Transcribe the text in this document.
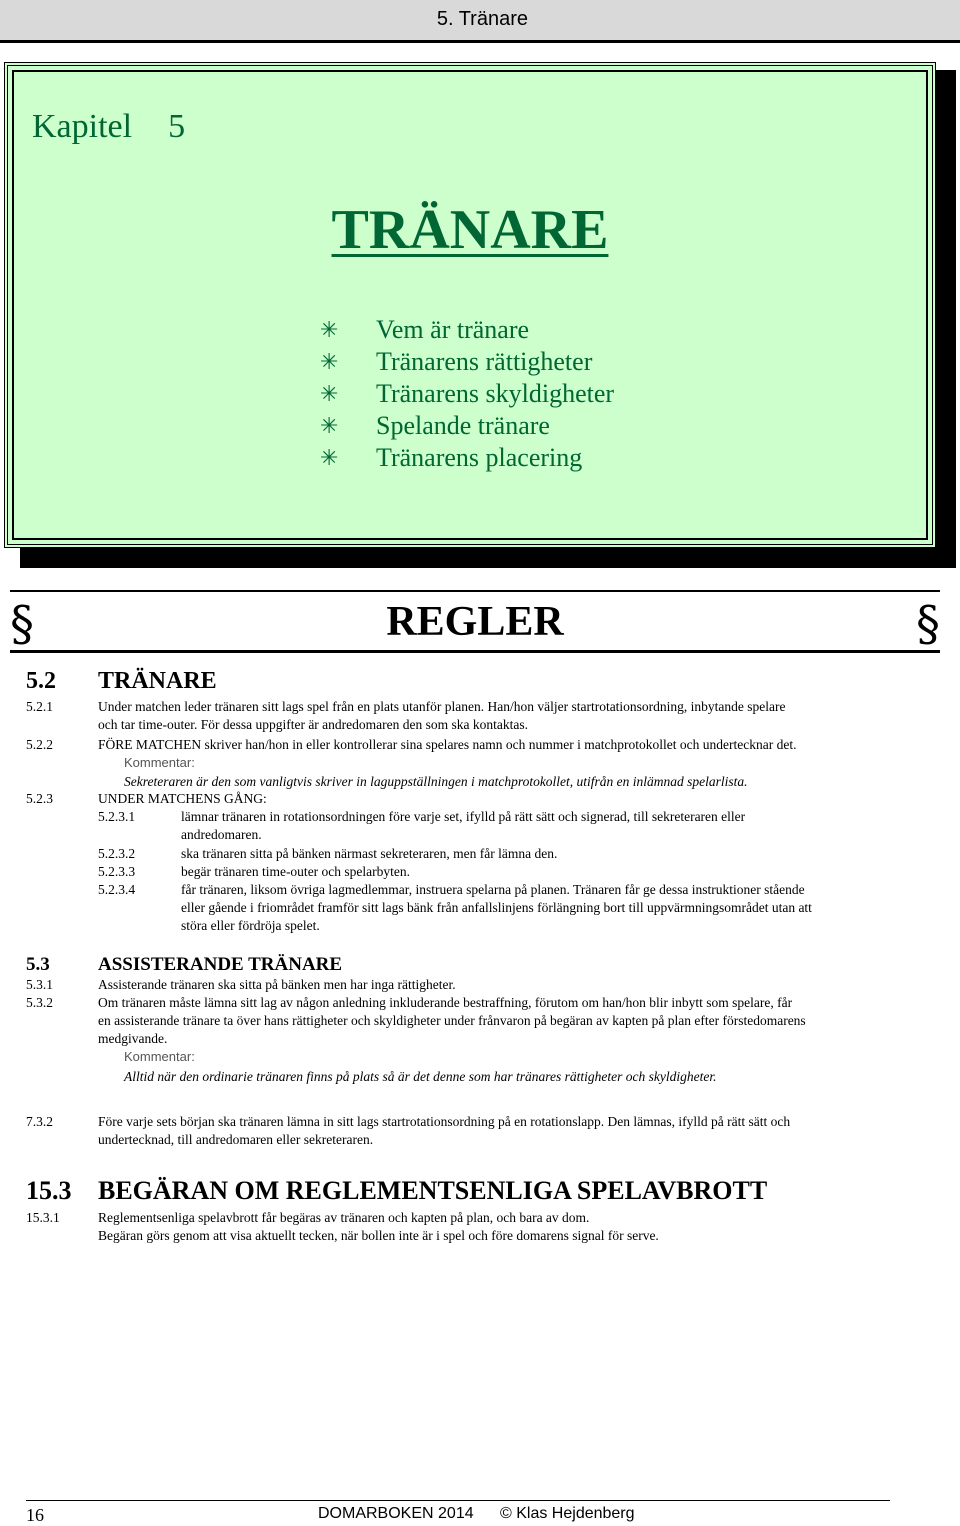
5. Tränare
Kapitel 5
TRÄNARE
✳	Vem är tränare
✳	Tränarens rättigheter
✳	Tränarens skyldigheter
✳	Spelande tränare
✳	Tränarens placering
§	REGLER	§
5.2 TRÄNARE
5.2.1	Under matchen leder tränaren sitt lags spel från en plats utanför planen. Han/hon väljer startrotationsordning, inbytande spelare
och tar time-outer. För dessa uppgifter är andredomaren den som ska kontaktas.
5.2.2	FÖRE MATCHEN skriver han/hon in eller kontrollerar sina spelares namn och nummer i matchprotokollet och undertecknar det.
Kommentar:
Sekreteraren är den som vanligtvis skriver in laguppställningen i matchprotokollet, utifrån en inlämnad spelarlista.
5.2.3	UNDER MATCHENS GÅNG:
5.2.3.1	lämnar tränaren in rotationsordningen före varje set, ifylld på rätt sätt och signerad, till sekreteraren eller
andredomaren.
5.2.3.2	ska tränaren sitta på bänken närmast sekreteraren, men får lämna den.
5.2.3.3	begär tränaren time-outer och spelarbyten.
5.2.3.4	får tränaren, liksom övriga lagmedlemmar, instruera spelarna på planen. Tränaren får ge dessa instruktioner stående
eller gående i friområdet framför sitt lags bänk från anfallslinjens förlängning bort till uppvärmningsområdet utan att
störa eller fördröja spelet.
5.3	ASSISTERANDE TRÄNARE
5.3.1	Assisterande tränaren ska sitta på bänken men har inga rättigheter.
5.3.2	Om tränaren måste lämna sitt lag av någon anledning inkluderande bestraffning, förutom om han/hon blir inbytt som spelare, får
en assisterande tränare ta över hans rättigheter och skyldigheter under frånvaron på begäran av kapten på plan efter förstedomarens
medgivande.
Kommentar:
Alltid när den ordinarie tränaren finns på plats så är det denne som har tränares rättigheter och skyldigheter.
7.3.2	Före varje sets början ska tränaren lämna in sitt lags startrotationsordning på en rotationslapp. Den lämnas, ifylld på rätt sätt och
undertecknad, till andredomaren eller sekreteraren.
15.3 BEGÄRAN OM REGLEMENTSENLIGA SPELAVBROTT
15.3.1	Reglementsenliga spelavbrott får begäras av tränaren och kapten på plan, och bara av dom.
Begäran görs genom att visa aktuellt tecken, när bollen inte är i spel och före domarens signal för serve.
16	DOMARBOKEN 2014 © Klas Hejdenberg
